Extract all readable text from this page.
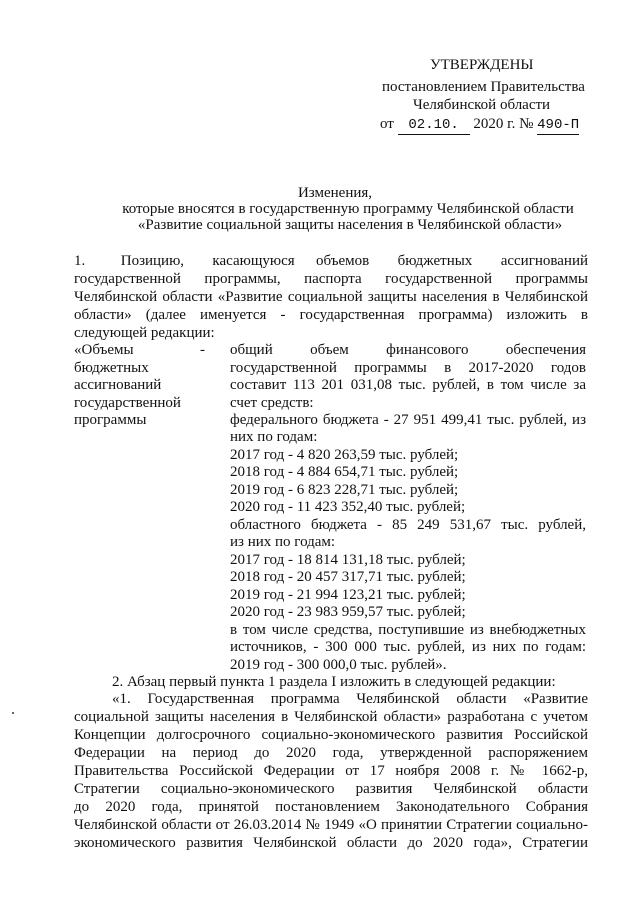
УТВЕРЖДЕНЫ
постановлением Правительства
Челябинской области
от 02.10. 2020 г. № 490-П
Изменения,
которые вносятся в государственную программу Челябинской области
«Развитие социальной защиты населения в Челябинской области»
1.     Позицию,    касающуюся   объемов    бюджетных    ассигнований
государственной    программы,    паспорта    государственной    программы
Челябинской области «Развитие социальной защиты населения в Челябинской
области»  (далее  именуется  -  государственная  программа)  изложить  в
следующей редакции:
«Объемы	-
бюджетных
ассигнований
государственной
программы
общий    объем    финансового    обеспечения
государственной  программы  в  2017-2020  годов
составит 113 201 031,08 тыс. рублей, в том числе за
счет средств:
федерального бюджета - 27 951 499,41 тыс. рублей, из
них по годам:
2017 год - 4 820 263,59 тыс. рублей;
2018 год - 4 884 654,71 тыс. рублей;
2019 год - 6 823 228,71 тыс. рублей;
2020 год - 11 423 352,40 тыс. рублей;
областного  бюджета  -  85  249  531,67  тыс.  рублей,
из них по годам:
2017 год - 18 814 131,18 тыс. рублей;
2018 год - 20 457 317,71 тыс. рублей;
2019 год - 21 994 123,21 тыс. рублей;
2020 год - 23 983 959,57 тыс. рублей;
в том числе средства, поступившие из внебюджетных
источников, - 300 000 тыс. рублей, из них по годам:
2019 год - 300 000,0 тыс. рублей».
2. Абзац первый пункта 1 раздела I изложить в следующей редакции:
«1.   Государственная   программа   Челябинской   области   «Развитие
социальной защиты населения в Челябинской области» разработана с учетом
Концепции долгосрочного социально-экономического развития Российской
Федерации   на   период   до   2020   года,   утвержденной   распоряжением
Правительства Российской Федерации от 17 ноября 2008 г. № 1662-р,
Стратегии    социально-экономического    развития    Челябинской    области
до  2020  года,  принятой  постановлением  Законодательного  Собрания
Челябинской области от 26.03.2014 № 1949 «О принятии Стратегии социально-
экономического развития Челябинской области до 2020 года», Стратегии
